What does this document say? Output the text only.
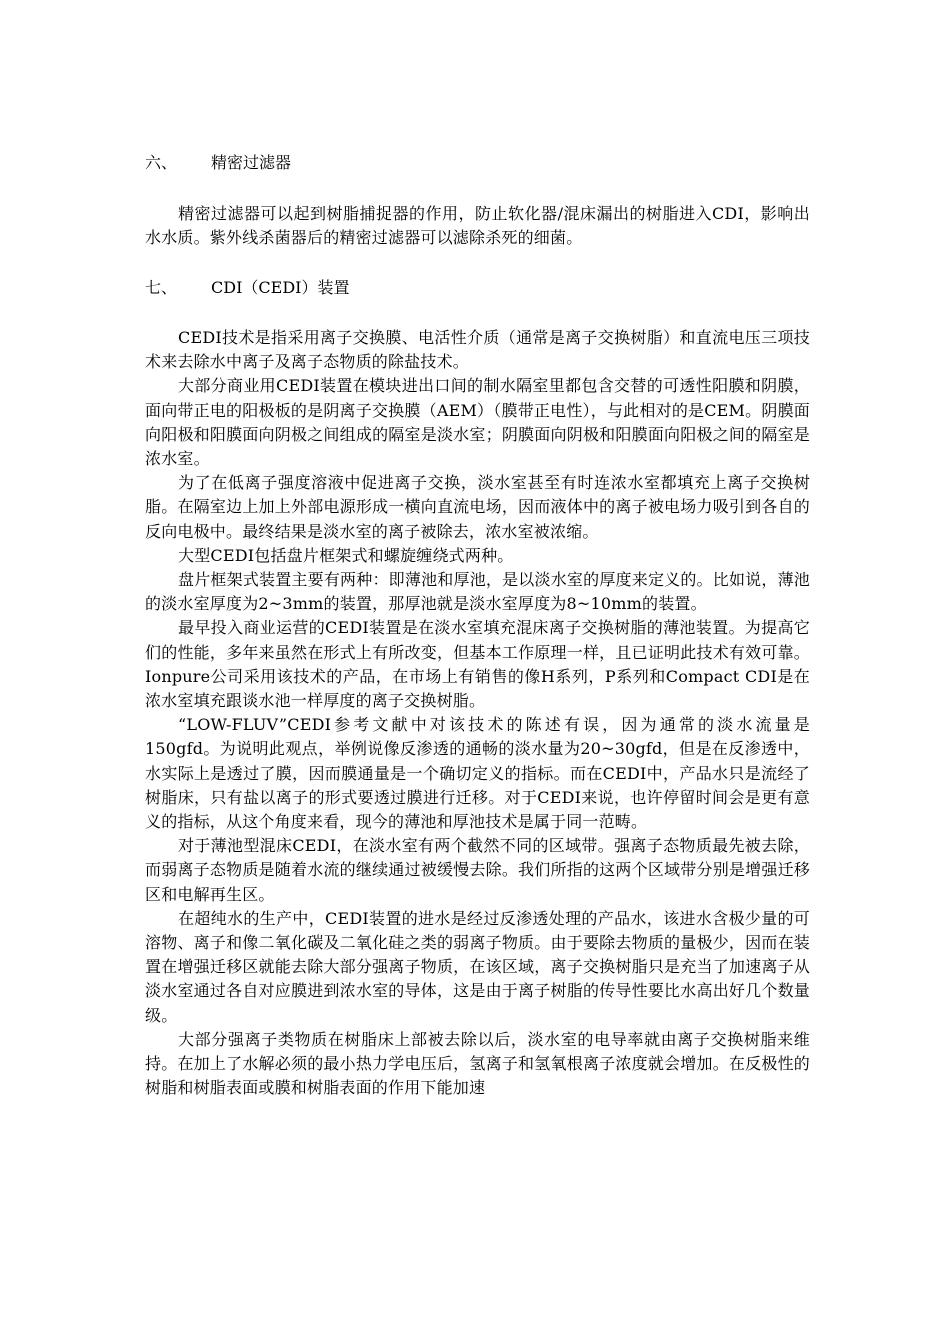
六、 精密过滤器

精密过滤器可以起到树脂捕捉器的作用，防止软化器/混床漏出的树脂进入CDI，影响出水水质。紫外线杀菌器后的精密过滤器可以滤除杀死的细菌。

七、 CDI（CEDI）装置

CEDI技术是指采用离子交换膜、电活性介质（通常是离子交换树脂）和直流电压三项技术来去除水中离子及离子态物质的除盐技术。

大部分商业用CEDI装置在模块进出口间的制水隔室里都包含交替的可透性阳膜和阴膜，面向带正电的阳极板的是阴离子交换膜（AEM）（膜带正电性），与此相对的是CEM。阴膜面向阳极和阳膜面向阴极之间组成的隔室是淡水室；阴膜面向阴极和阳膜面向阳极之间的隔室是浓水室。

为了在低离子强度溶液中促进离子交换，淡水室甚至有时连浓水室都填充上离子交换树脂。在隔室边上加上外部电源形成一横向直流电场，因而液体中的离子被电场力吸引到各自的反向电极中。最终结果是淡水室的离子被除去，浓水室被浓缩。

大型CEDI包括盘片框架式和螺旋缠绕式两种。

盘片框架式装置主要有两种：即薄池和厚池，是以淡水室的厚度来定义的。比如说，薄池的淡水室厚度为2~3mm的装置，那厚池就是淡水室厚度为8~10mm的装置。

最早投入商业运营的CEDI装置是在淡水室填充混床离子交换树脂的薄池装置。为提高它们的性能，多年来虽然在形式上有所改变，但基本工作原理一样，且已证明此技术有效可靠。Ionpure公司采用该技术的产品，在市场上有销售的像H系列，P系列和Compact CDI是在浓水室填充跟谈水池一样厚度的离子交换树脂。

“LOW-FLUV”CEDI参考文献中对该技术的陈述有误，因为通常的淡水流量是150gfd。为说明此观点，举例说像反渗透的通畅的淡水量为20~30gfd，但是在反渗透中，水实际上是透过了膜，因而膜通量是一个确切定义的指标。而在CEDI中，产品水只是流经了树脂床，只有盐以离子的形式要透过膜进行迁移。对于CEDI来说，也许停留时间会是更有意义的指标，从这个角度来看，现今的薄池和厚池技术是属于同一范畴。

对于薄池型混床CEDI，在淡水室有两个截然不同的区域带。强离子态物质最先被去除，而弱离子态物质是随着水流的继续通过被缓慢去除。我们所指的这两个区域带分别是增强迁移区和电解再生区。

在超纯水的生产中，CEDI装置的进水是经过反渗透处理的产品水，该进水含极少量的可溶物、离子和像二氧化碳及二氧化硅之类的弱离子物质。由于要除去物质的量极少，因而在装置在增强迁移区就能去除大部分强离子物质，在该区域，离子交换树脂只是充当了加速离子从淡水室通过各自对应膜进到浓水室的导体，这是由于离子树脂的传导性要比水高出好几个数量级。

大部分强离子类物质在树脂床上部被去除以后，淡水室的电导率就由离子交换树脂来维持。在加上了水解必须的最小热力学电压后，氢离子和氢氧根离子浓度就会增加。在反极性的树脂和树脂表面或膜和树脂表面的作用下能加速
